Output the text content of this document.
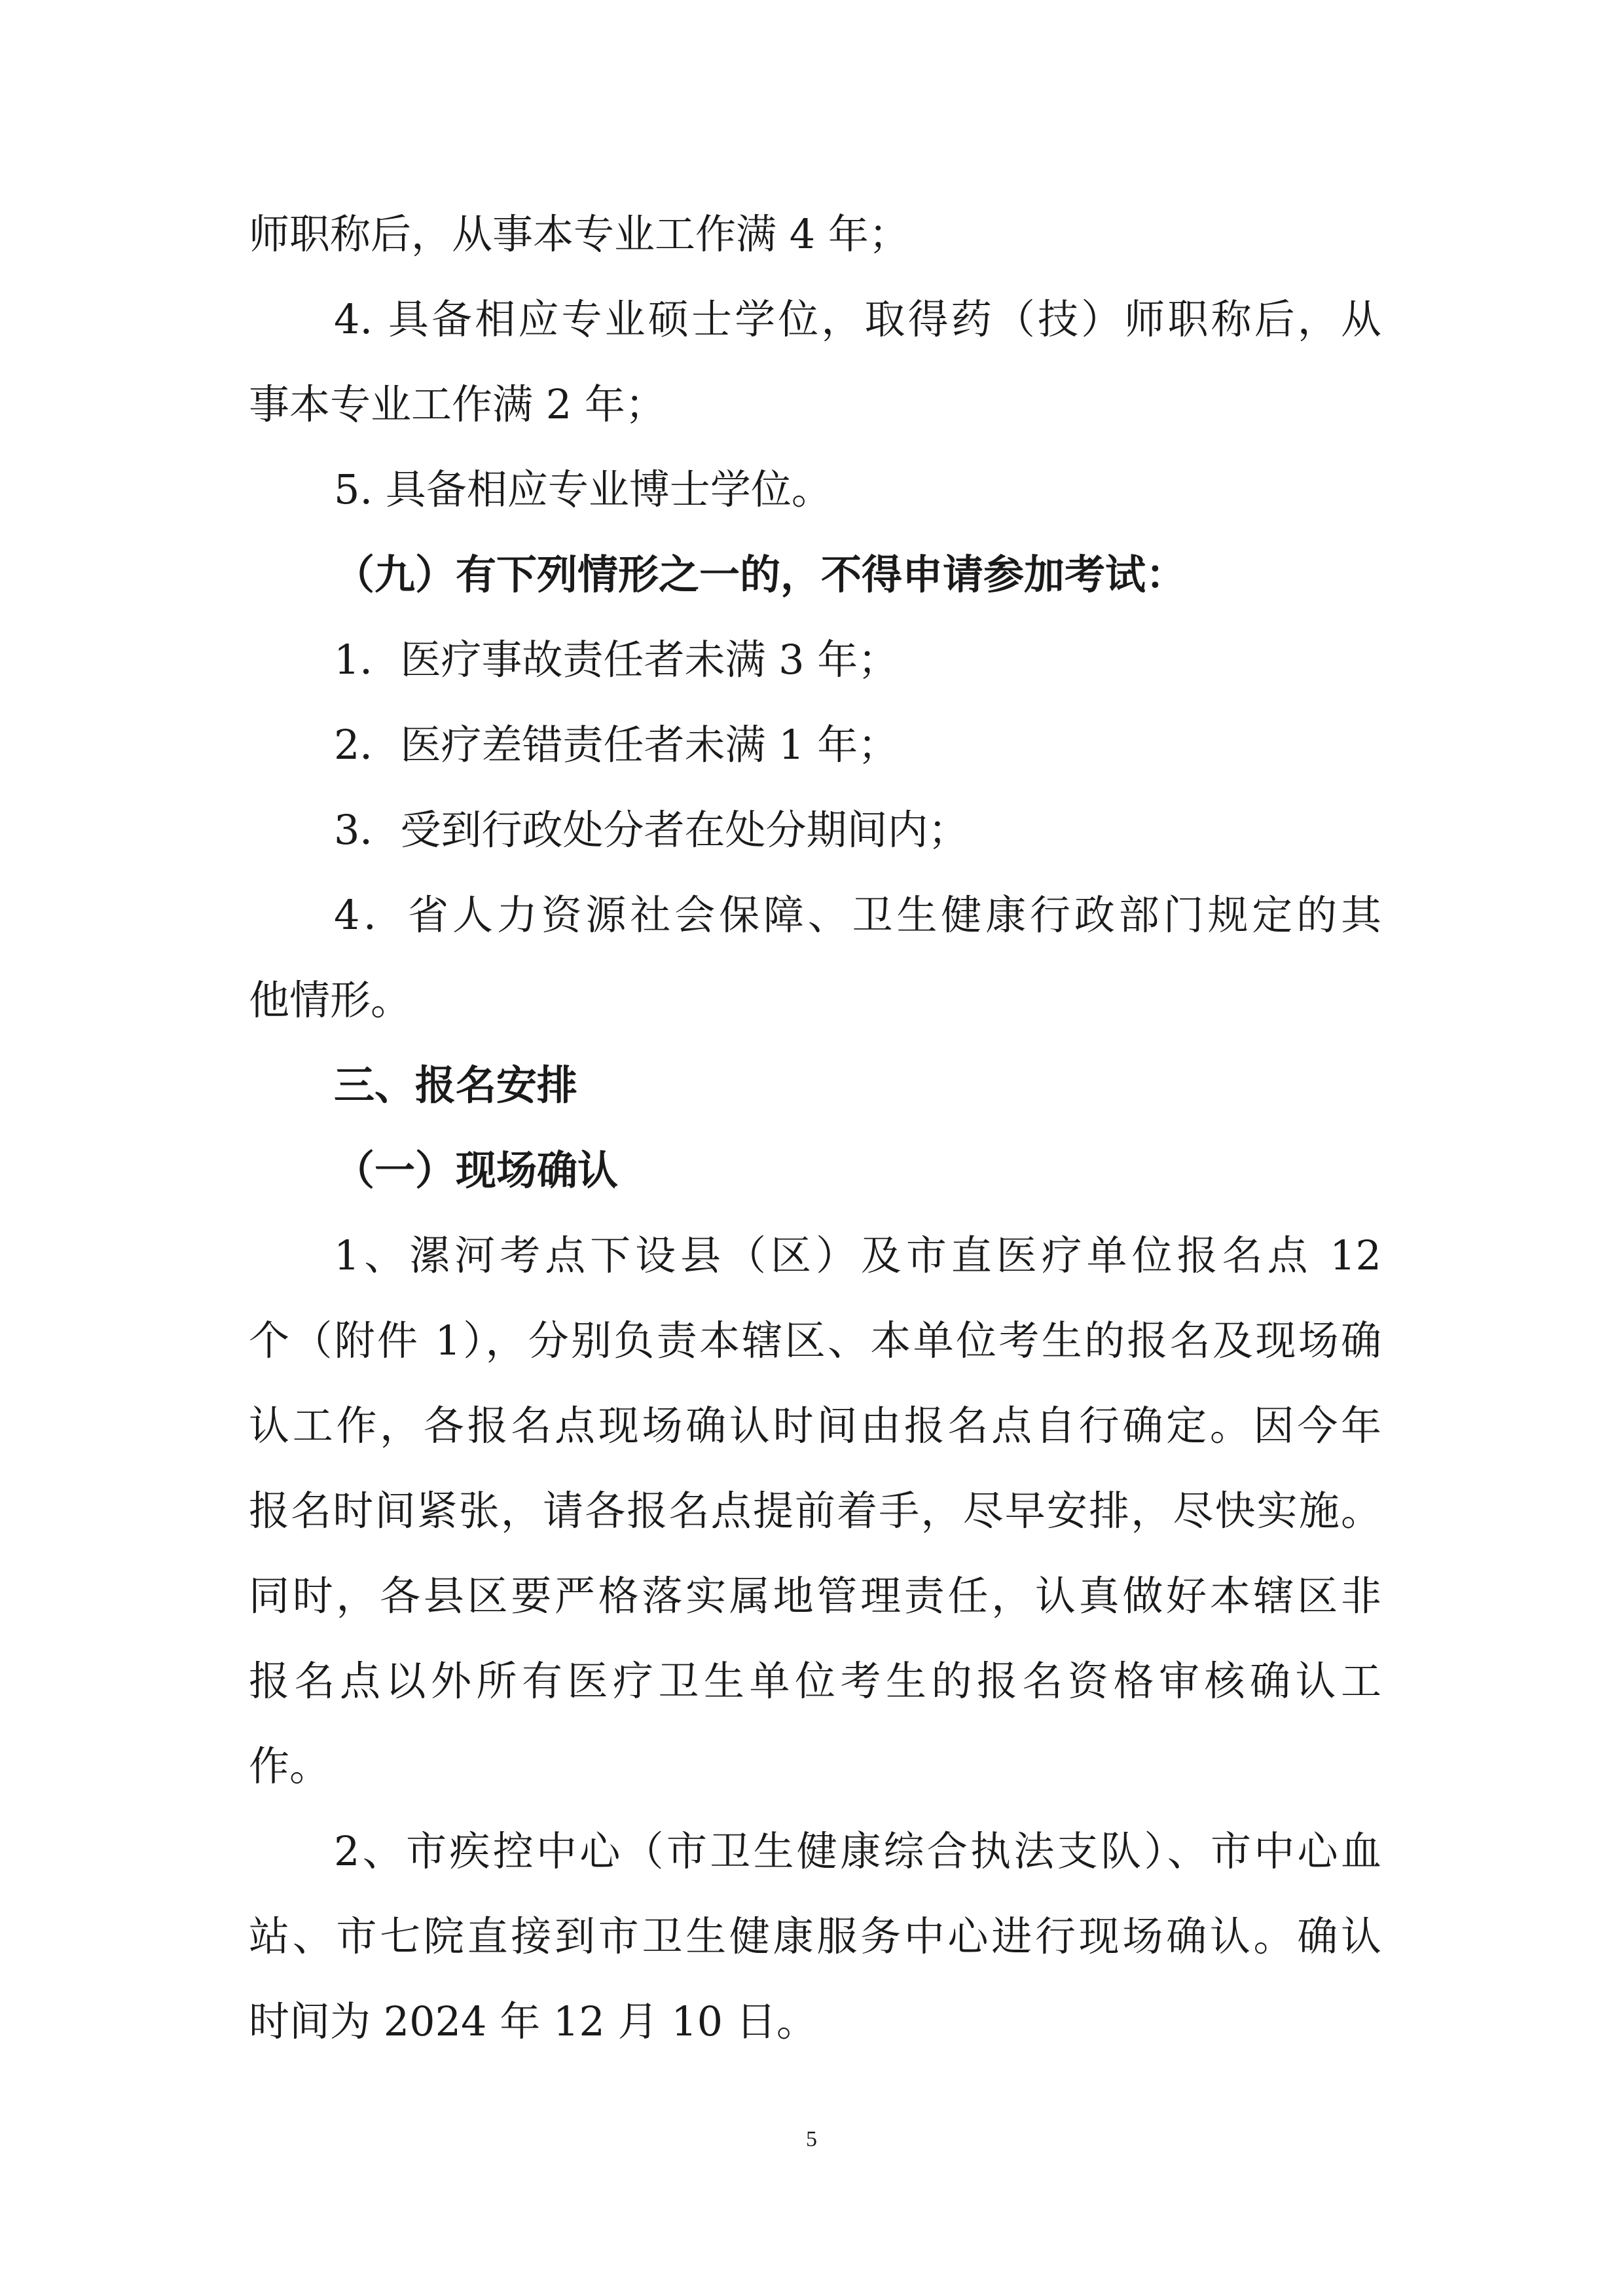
师职称后，从事本专业工作满 4 年；
4. 具备相应专业硕士学位，取得药（技）师职称后，从
事本专业工作满 2 年；
5. 具备相应专业博士学位。
（九）有下列情形之一的，不得申请参加考试：
1．医疗事故责任者未满 3 年；
2．医疗差错责任者未满 1 年；
3．受到行政处分者在处分期间内；
4．省人力资源社会保障、卫生健康行政部门规定的其
他情形。
三、报名安排
（一）现场确认
1、漯河考点下设县（区）及市直医疗单位报名点 12
个（附件 1），分别负责本辖区、本单位考生的报名及现场确
认工作，各报名点现场确认时间由报名点自行确定。因今年
报名时间紧张，请各报名点提前着手，尽早安排，尽快实施。
同时，各县区要严格落实属地管理责任，认真做好本辖区非
报名点以外所有医疗卫生单位考生的报名资格审核确认工
作。
2、市疾控中心（市卫生健康综合执法支队）、市中心血
站、市七院直接到市卫生健康服务中心进行现场确认。确认
时间为 2024 年 12 月 10 日。
5
